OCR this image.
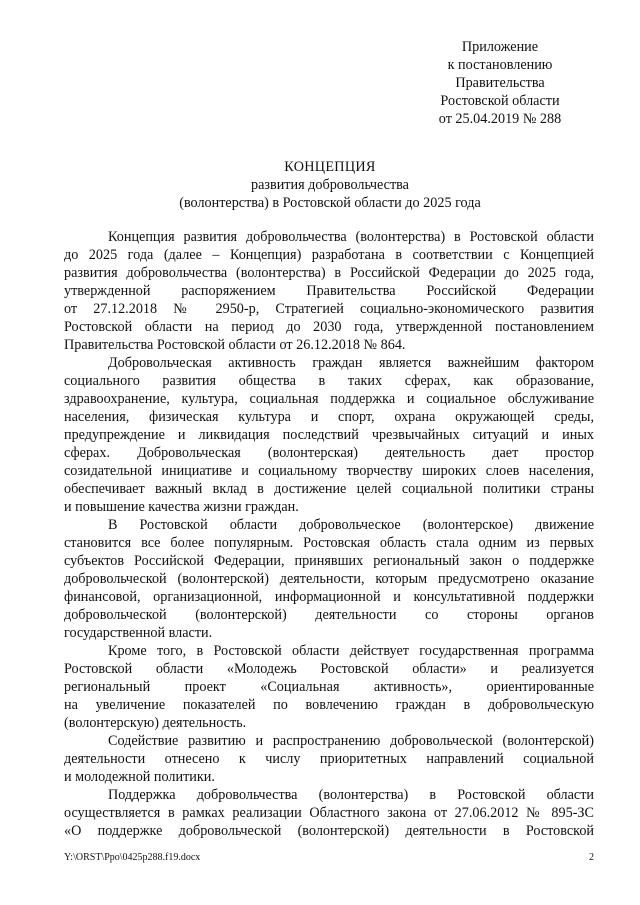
Приложение
к постановлению
Правительства
Ростовской области
от 25.04.2019 № 288
КОНЦЕПЦИЯ
развития добровольчества
(волонтерства) в Ростовской области до 2025 года
Концепция развития добровольчества (волонтерства) в Ростовской области
до 2025 года (далее – Концепция) разработана в соответствии с Концепцией
развития добровольчества (волонтерства) в Российской Федерации до 2025 года,
утвержденной распоряжением Правительства Российской Федерации
от 27.12.2018 № 2950-р, Стратегией социально-экономического развития
Ростовской области на период до 2030 года, утвержденной постановлением
Правительства Ростовской области от 26.12.2018 № 864.
Добровольческая активность граждан является важнейшим фактором
социального развития общества в таких сферах, как образование,
здравоохранение, культура, социальная поддержка и социальное обслуживание
населения, физическая культура и спорт, охрана окружающей среды,
предупреждение и ликвидация последствий чрезвычайных ситуаций и иных
сферах. Добровольческая (волонтерская) деятельность дает простор
созидательной инициативе и социальному творчеству широких слоев населения,
обеспечивает важный вклад в достижение целей социальной политики страны
и повышение качества жизни граждан.
В Ростовской области добровольческое (волонтерское) движение
становится все более популярным. Ростовская область стала одним из первых
субъектов Российской Федерации, принявших региональный закон о поддержке
добровольческой (волонтерской) деятельности, которым предусмотрено оказание
финансовой, организационной, информационной и консультативной поддержки
добровольческой (волонтерской) деятельности со стороны органов
государственной власти.
Кроме того, в Ростовской области действует государственная программа
Ростовской области «Молодежь Ростовской области» и реализуется
региональный проект «Социальная активность», ориентированные
на увеличение показателей по вовлечению граждан в добровольческую
(волонтерскую) деятельность.
Содействие развитию и распространению добровольческой (волонтерской)
деятельности отнесено к числу приоритетных направлений социальной
и молодежной политики.
Поддержка добровольчества (волонтерства) в Ростовской области
осуществляется в рамках реализации Областного закона от 27.06.2012 № 895-ЗС
«О поддержке добровольческой (волонтерской) деятельности в Ростовской
Y:\ORST\Ppo\0425p288.f19.docx	2
